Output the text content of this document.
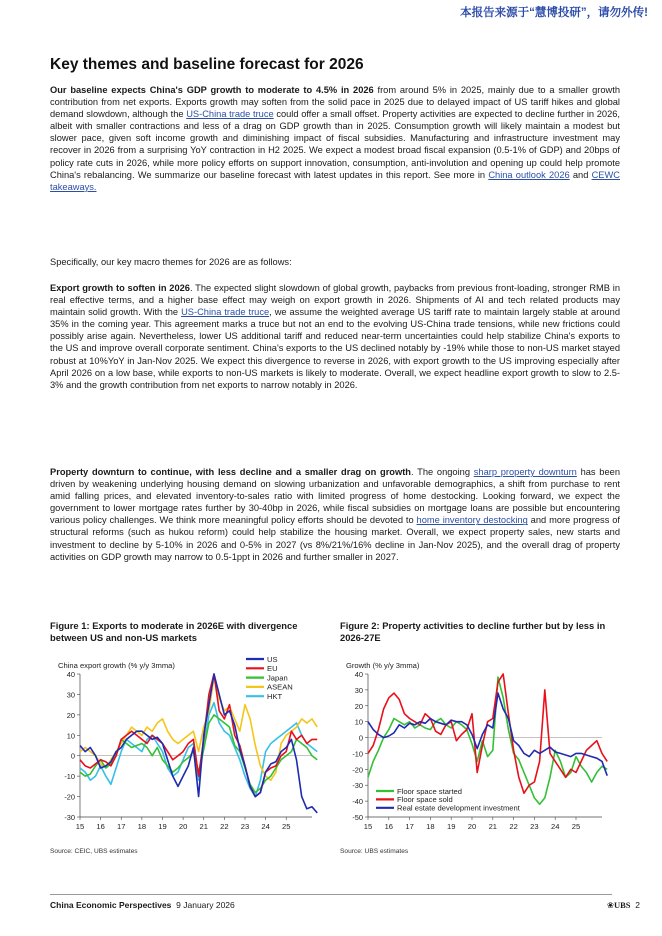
本报告来源于“慧博投研”，请勿外传!
Key themes and baseline forecast for 2026

Our baseline expects China's GDP growth to moderate to 4.5% in 2026 from around 5% in 2025, mainly due to a smaller growth contribution from net exports. Exports growth may soften from the solid pace in 2025 due to delayed impact of US tariff hikes and global demand slowdown, although the US-China trade truce could offer a small offset. Property activities are expected to decline further in 2026, albeit with smaller contractions and less of a drag on GDP growth than in 2025. Consumption growth will likely maintain a modest but slower pace, given soft income growth and diminishing impact of fiscal subsidies. Manufacturing and infrastructure investment may recover in 2026 from a surprising YoY contraction in H2 2025. We expect a modest broad fiscal expansion (0.5-1% of GDP) and 20bps of policy rate cuts in 2026, while more policy efforts on support innovation, consumption, anti-involution and opening up could help promote China's rebalancing. We summarize our baseline forecast with latest updates in this report. See more in China outlook 2026 and CEWC takeaways.

Specifically, our key macro themes for 2026 are as follows:

Export growth to soften in 2026. The expected slight slowdown of global growth, paybacks from previous front-loading, stronger RMB in real effective terms, and a higher base effect may weigh on export growth in 2026. Shipments of AI and tech related products may maintain solid growth. With the US-China trade truce, we assume the weighted average US tariff rate to maintain largely stable at around 35% in the coming year. This agreement marks a truce but not an end to the evolving US-China trade tensions, while new frictions could possibly arise again. Nevertheless, lower US additional tariff and reduced near-term uncertainties could help stabilize China's exports to the US and improve overall corporate sentiment. China's exports to the US declined notably by -19% while those to non-US market stayed robust at 10%YoY in Jan-Nov 2025. We expect this divergence to reverse in 2026, with export growth to the US improving especially after April 2026 on a low base, while exports to non-US markets is likely to moderate. Overall, we expect headline export growth to slow to 2.5-3% and the growth contribution from net exports to narrow notably in 2026.

Property downturn to continue, with less decline and a smaller drag on growth. The ongoing sharp property downturn has been driven by weakening underlying housing demand on slowing urbanization and unfavorable demographics, a shift from purchase to rent amid falling prices, and elevated inventory-to-sales ratio with limited progress of home destocking. Looking forward, we expect the government to lower mortgage rates further by 30-40bp in 2026, while fiscal subsidies on mortgage loans are possible but encountering various policy challenges. We think more meaningful policy efforts should be devoted to home inventory destocking and more progress of structural reforms (such as hukou reform) could help stabilize the housing market. Overall, we expect property sales, new starts and investment to decline by 5-10% in 2026 and 0-5% in 2027 (vs 8%/21%/16% decline in Jan-Nov 2025), and the overall drag of property activities on GDP growth may narrow to 0.5-1ppt in 2026 and further smaller in 2027.

Figure 1: Exports to moderate in 2026E with divergence between US and non-US markets

Figure 2: Property activities to decline further but by less in 2026-27E

China export growth (% y/y 3mma)
40
30
20
10
0
-10
-20
-30
15 16 17 18 19 20 21 22 23 24 25
US
EU
Japan
ASEAN
HKT
Growth (% y/y 3mma)
40
30
20
10
0
-10
-20
-30
-40
-50
15 16 17 18 19 20 21 22 23 24 25
Floor space started
Floor space sold
Real estate development investment
Source: CEIC, UBS estimates	Source: UBS estimates
China Economic Perspectives 9 January 2026	❀UBS 2
